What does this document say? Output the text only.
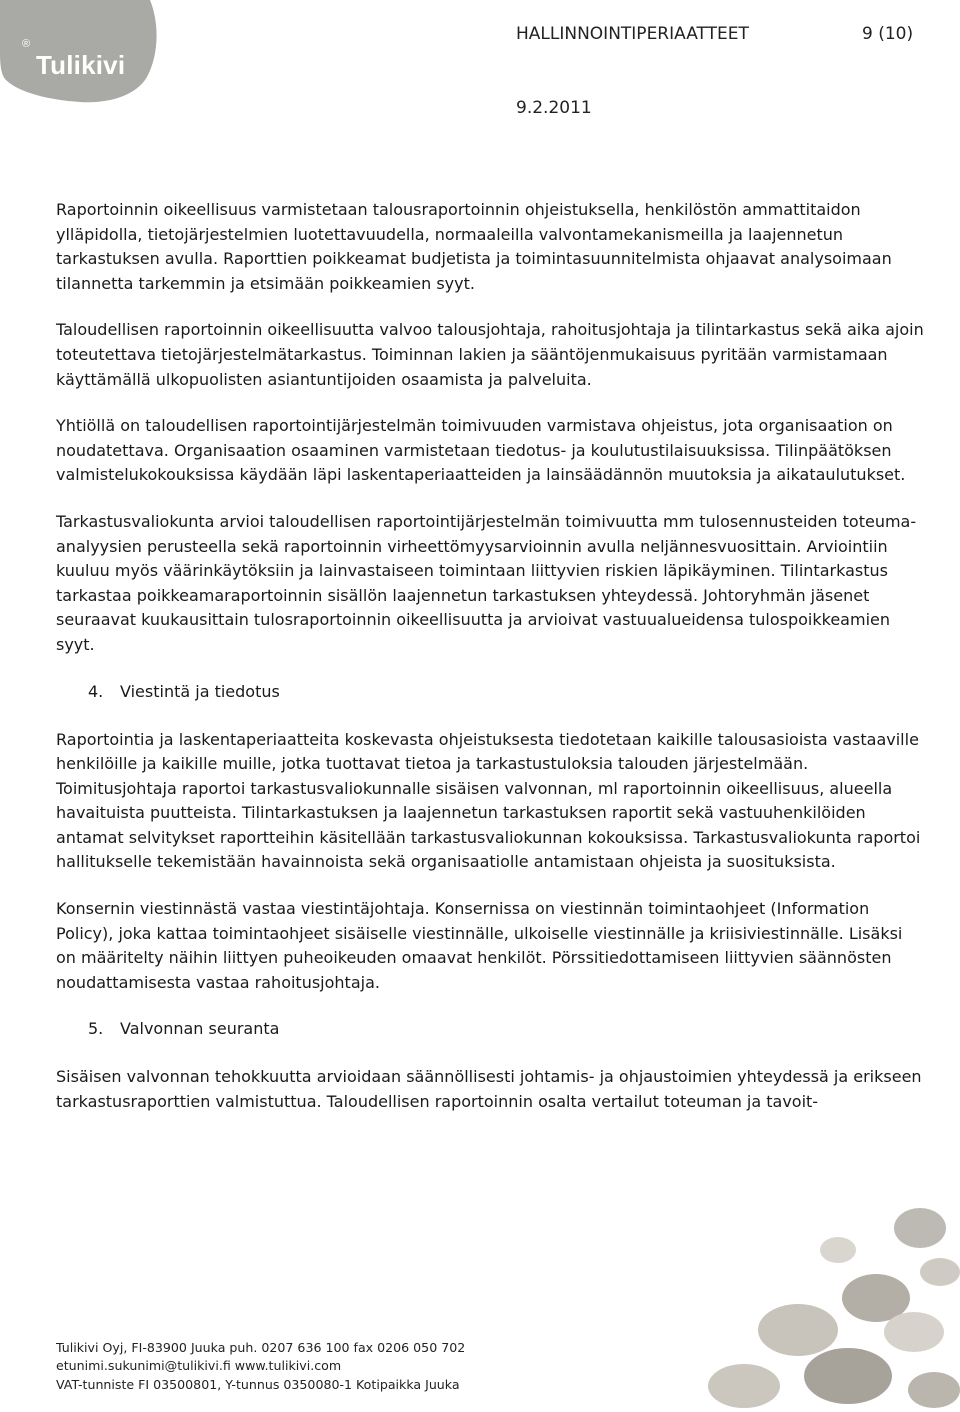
®
Tulikivi
HALLINNOINTIPERIAATTEET	9 (10)
9.2.2011

Raportoinnin oikeellisuus varmistetaan talousraportoinnin ohjeistuksella, henkilöstön ammattitaidon ylläpidolla, tietojärjestelmien luotettavuudella, normaaleilla valvontamekanismeilla ja laajennetun tarkastuksen avulla. Raporttien poikkeamat budjetista ja toimintasuunnitelmista ohjaavat analysoimaan tilannetta tarkemmin ja etsimään poikkeamien syyt.

Taloudellisen raportoinnin oikeellisuutta valvoo talousjohtaja, rahoitusjohtaja ja tilintarkastus sekä aika ajoin toteutettava tietojärjestelmätarkastus. Toiminnan lakien ja sääntöjenmukaisuus pyritään varmistamaan käyttämällä ulkopuolisten asiantuntijoiden osaamista ja palveluita.

Yhtiöllä on taloudellisen raportointijärjestelmän toimivuuden varmistava ohjeistus, jota organisaation on noudatettava. Organisaation osaaminen varmistetaan tiedotus- ja koulutustilaisuuksissa. Tilinpäätöksen valmistelukokouksissa käydään läpi laskentaperiaatteiden ja lainsäädännön muutoksia ja aikataulutukset.

Tarkastusvaliokunta arvioi taloudellisen raportointijärjestelmän toimivuutta mm tulosennusteiden toteuma-analyysien perusteella sekä raportoinnin virheettömyysarvioinnin avulla neljännesvuosittain. Arviointiin kuuluu myös väärinkäytöksiin ja lainvastaiseen toimintaan liittyvien riskien läpikäyminen. Tilintarkastus tarkastaa poikkeamaraportoinnin sisällön laajennetun tarkastuksen yhteydessä. Johtoryhmän jäsenet seuraavat kuukausittain tulosraportoinnin oikeellisuutta ja arvioivat vastuualueidensa tulospoikkeamien syyt.

4. Viestintä ja tiedotus

Raportointia ja laskentaperiaatteita koskevasta ohjeistuksesta tiedotetaan kaikille talousasioista vastaaville henkilöille ja kaikille muille, jotka tuottavat tietoa ja tarkastustuloksia talouden järjestelmään. Toimitusjohtaja raportoi tarkastusvaliokunnalle sisäisen valvonnan, ml raportoinnin oikeellisuus, alueella havaituista puutteista. Tilintarkastuksen ja laajennetun tarkastuksen raportit sekä vastuuhenkilöiden antamat selvitykset raportteihin käsitellään tarkastusvaliokunnan kokouksissa. Tarkastusvaliokunta raportoi hallitukselle tekemistään havainnoista sekä organisaatiolle antamistaan ohjeista ja suosituksista.

Konsernin viestinnästä vastaa viestintäjohtaja. Konsernissa on viestinnän toimintaohjeet (Information Policy), joka kattaa toimintaohjeet sisäiselle viestinnälle, ulkoiselle viestinnälle ja kriisiviestinnälle. Lisäksi on määritelty näihin liittyen puheoikeuden omaavat henkilöt. Pörssitiedottamiseen liittyvien säännösten noudattamisesta vastaa rahoitusjohtaja.

5. Valvonnan seuranta

Sisäisen valvonnan tehokkuutta arvioidaan säännöllisesti johtamis- ja ohjaustoimien yhteydessä ja erikseen tarkastusraporttien valmistuttua. Taloudellisen raportoinnin osalta vertailut toteuman ja tavoit-

Tulikivi Oyj, FI-83900 Juuka puh. 0207 636 100 fax 0206 050 702
etunimi.sukunimi@tulikivi.fi www.tulikivi.com
VAT-tunniste FI 03500801, Y-tunnus 0350080-1 Kotipaikka Juuka
